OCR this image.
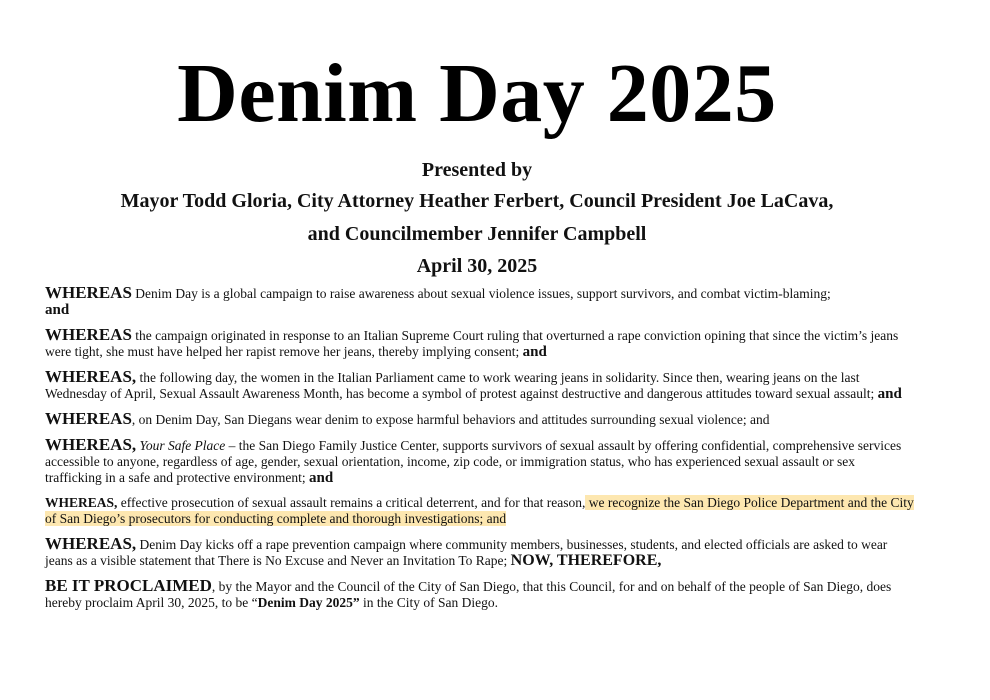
Denim Day 2025
Presented by
Mayor Todd Gloria, City Attorney Heather Ferbert, Council President Joe LaCava,
and Councilmember Jennifer Campbell
April 30, 2025

WHEREAS Denim Day is a global campaign to raise awareness about sexual violence issues, support survivors, and combat victim-blaming;
and

WHEREAS the campaign originated in response to an Italian Supreme Court ruling that overturned a rape conviction opining that since the victim’s jeans were tight, she must have helped her rapist remove her jeans, thereby implying consent; and

WHEREAS, the following day, the women in the Italian Parliament came to work wearing jeans in solidarity. Since then, wearing jeans on the last Wednesday of April, Sexual Assault Awareness Month, has become a symbol of protest against destructive and dangerous attitudes toward sexual assault; and

WHEREAS, on Denim Day, San Diegans wear denim to expose harmful behaviors and attitudes surrounding sexual violence; and

WHEREAS, Your Safe Place – the San Diego Family Justice Center, supports survivors of sexual assault by offering confidential, comprehensive services accessible to anyone, regardless of age, gender, sexual orientation, income, zip code, or immigration status, who has experienced sexual assault or sex trafficking in a safe and protective environment; and

WHEREAS, effective prosecution of sexual assault remains a critical deterrent, and for that reason, we recognize the San Diego Police Department and the City of San Diego’s prosecutors for conducting complete and thorough investigations; and

WHEREAS, Denim Day kicks off a rape prevention campaign where community members, businesses, students, and elected officials are asked to wear jeans as a visible statement that There is No Excuse and Never an Invitation To Rape; NOW, THEREFORE,

BE IT PROCLAIMED, by the Mayor and the Council of the City of San Diego, that this Council, for and on behalf of the people of San Diego, does hereby proclaim April 30, 2025, to be “Denim Day 2025” in the City of San Diego.
